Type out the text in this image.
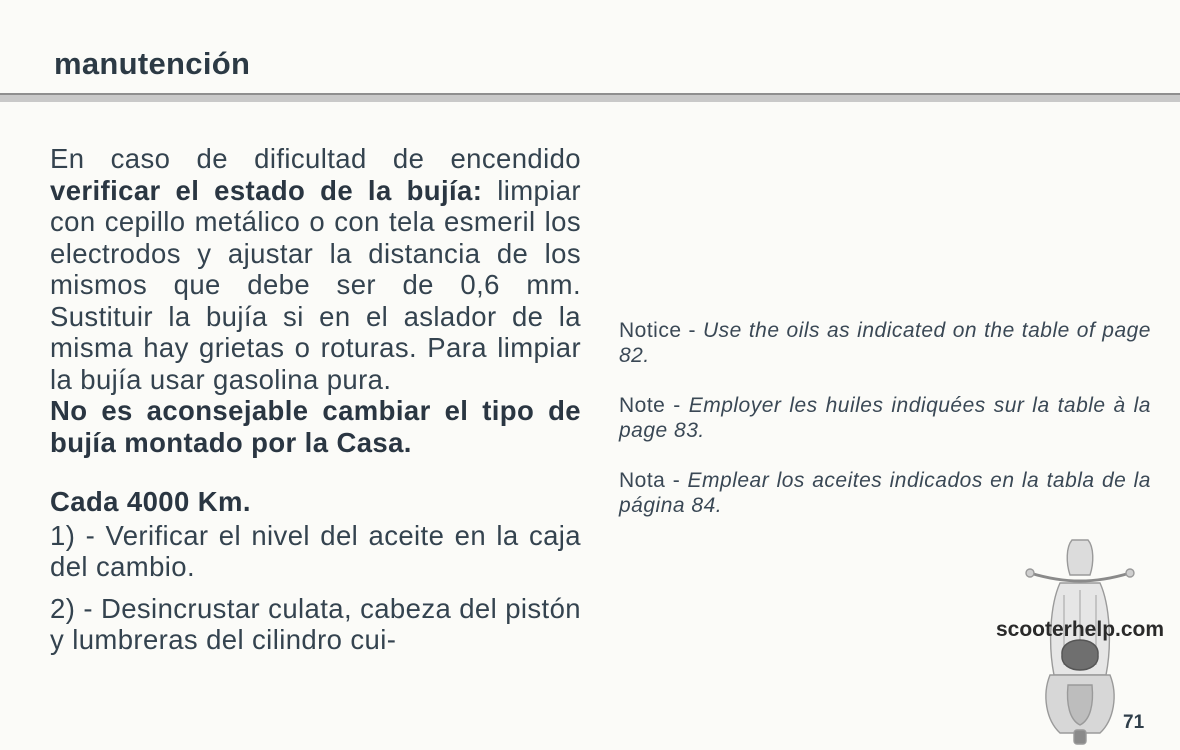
manutención

En caso de dificultad de encendido verificar el estado de la bujía: limpiar con cepillo metálico o con tela esmeril los electrodos y ajustar la distancia de los mismos que debe ser de 0,6 mm. Sustituir la bujía si en el aslador de la misma hay grietas o roturas. Para limpiar la bujía usar gasolina pura.

No es aconsejable cambiar el tipo de bujía montado por la Casa.

Cada 4000 Km.

1) - Verificar el nivel del aceite en la caja del cambio.

2) - Desincrustar culata, cabeza del pistón y lumbreras del cilindro cui-

Notice - Use the oils as indicated on the table of page 82.

Note - Employer les huiles indiquées sur la table à la page 83.

Nota - Emplear los aceites indicados en la tabla de la página 84.

scooterhelp.com
71
